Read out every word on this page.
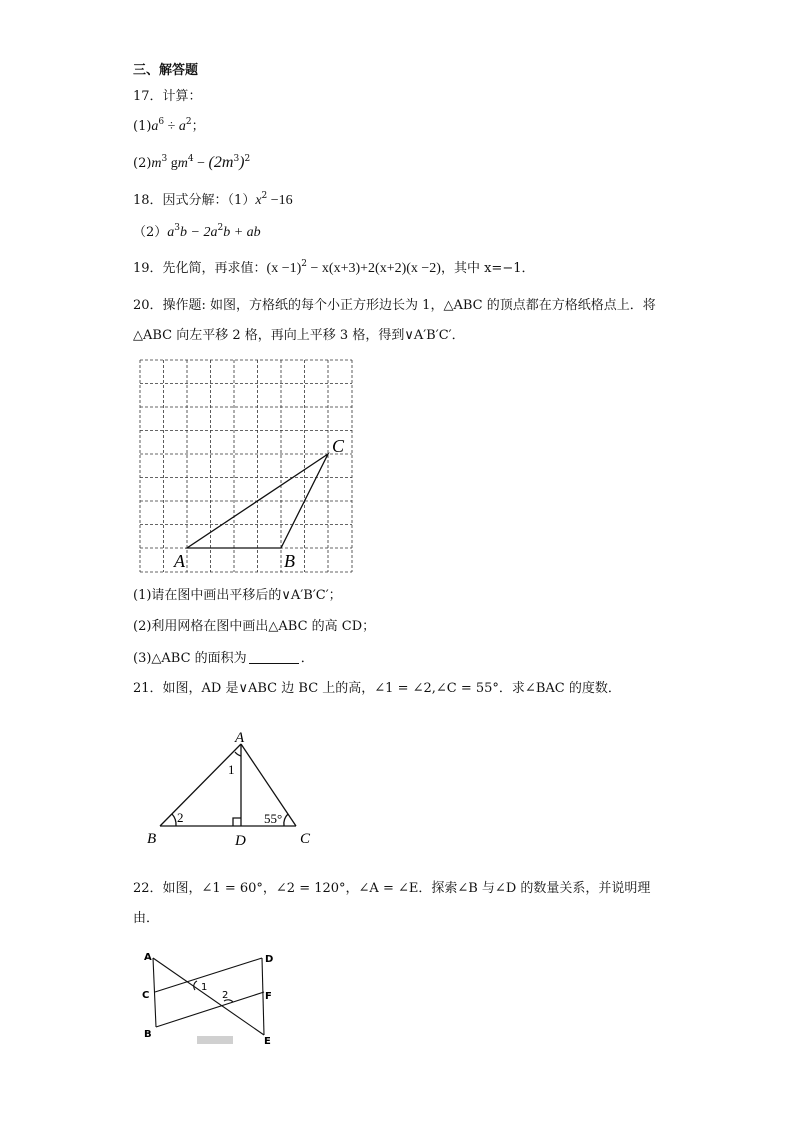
三、解答题
17．计算：
$(1)a^6 \div a^2$；
$(2)m^3$ $gm^4 - (2m^3)^2$
18．因式分解：$(1)x^2 -16$
$(2)a^3b - 2a^2b$ + ab
19．先化简，再求值：$(x -1)^2 - x(x+3)+2(x+2)(x -2)$，其中 x=−1．
20．操作题: 如图，方格纸的每个小正方形边长为 1，△ABC 的顶点都在方格纸格点上．将
△ABC 向左平移 2 格，再向上平移 3 格，得到∨A′B′C′．
A	B
C
(1)请在图中画出平移后的∨A′B′C′；
(2)利用网格在图中画出△ABC 的高 CD；
(3)△ABC 的面积为	．
21．如图，AD 是∨ABC 边 BC 上的高，∠1 = ∠2,∠C = 55°．求∠BAC 的度数．
A
B	C
D
1
2	55°
22．如图，∠1 = 60°，∠2 = 120°，∠A = ∠E．探索∠B 与∠D 的数量关系，并说明理
由．
A
C
B
D
F
E
1
2
